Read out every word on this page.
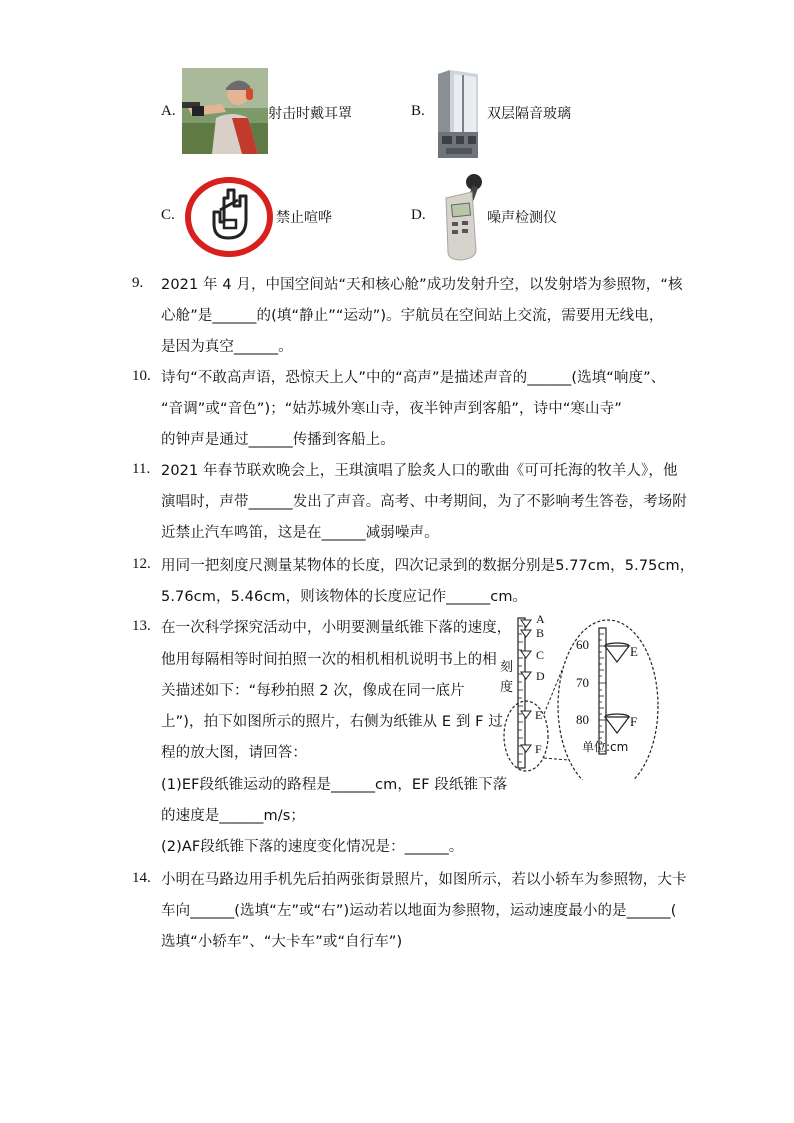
A.	射击时戴耳罩	B.	双层隔音玻璃
C.	禁止喧哗	D.	噪声检测仪
9. 2021 年 4 月，中国空间站“天和核心舱”成功发射升空，以发射塔为参照物，“核
心舱”是______的(填“静止”“运动”)。宇航员在空间站上交流，需要用无线电，
是因为真空______。
10. 诗句“不敢高声语，恐惊天上人”中的“高声”是描述声音的______(选填“响度”、
“音调”或“音色”)；“姑苏城外寒山寺，夜半钟声到客船”，诗中“寒山寺”
的钟声是通过______传播到客船上。
11. 2021 年春节联欢晚会上，王琪演唱了脍炙人口的歌曲《可可托海的牧羊人》，他
演唱时，声带______发出了声音。高考、中考期间，为了不影响考生答卷，考场附
近禁止汽车鸣笛，这是在______减弱噪声。
12. 用同一把刻度尺测量某物体的长度，四次记录到的数据分别是5.77cm，5.75cm，
5.76cm，5.46cm，则该物体的长度应记作______cm。
13. 在一次科学探究活动中，小明要测量纸锥下落的速度，
他用每隔相等时间拍照一次的相机相机说明书上的相
关描述如下：“每秒拍照 2 次，像成在同一底片
上”)，拍下如图所示的照片，右侧为纸锥从 E 到 F 过
程的放大图，请回答：
(1)EF段纸锥运动的路程是______cm，EF 段纸锥下落
的速度是______m/s；
(2)AF段纸锥下落的速度变化情况是：______。
A
B
C
D
E
F
刻度
60
70
80
E
F
单位:cm
14. 小明在马路边用手机先后拍两张街景照片，如图所示，若以小轿车为参照物，大卡
车向______(选填“左”或“右”)运动若以地面为参照物，运动速度最小的是______(
选填“小轿车”、“大卡车”或“自行车”)
